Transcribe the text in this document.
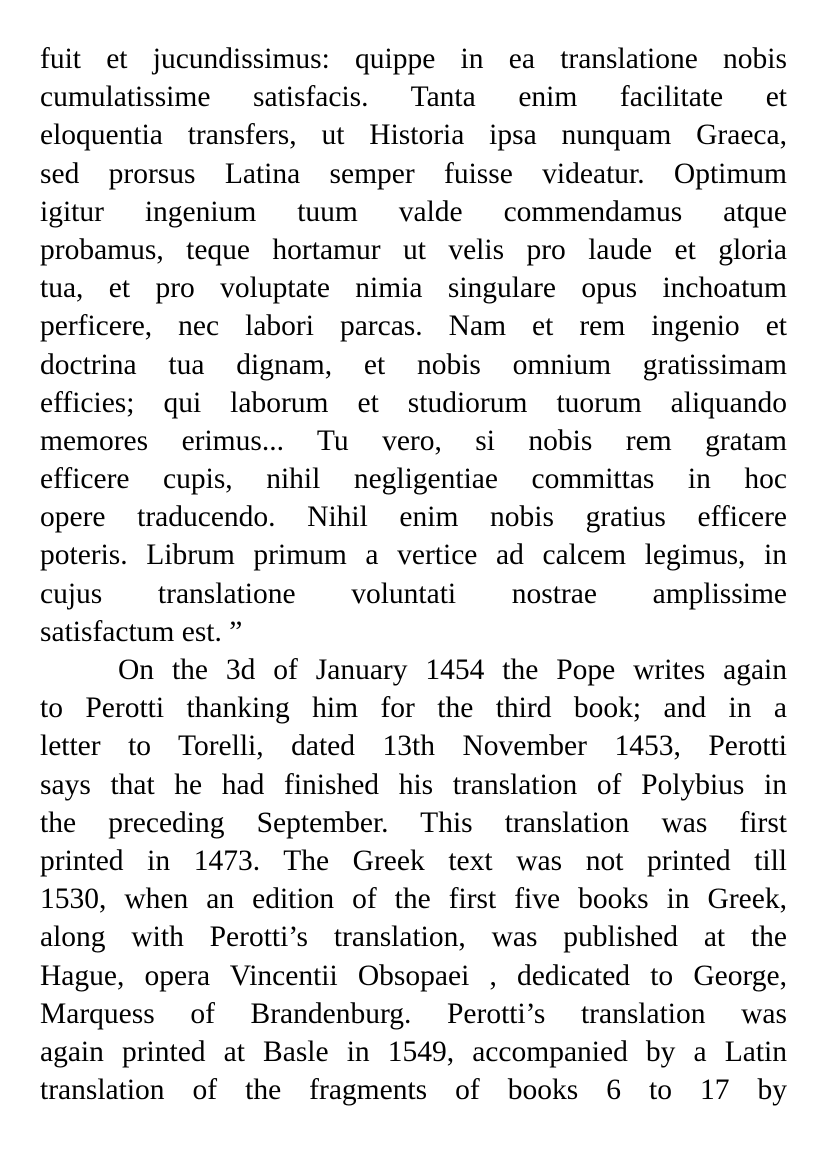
fuit et jucundissimus: quippe in ea translatione nobis
cumulatissime satisfacis. Tanta enim facilitate et
eloquentia transfers, ut Historia ipsa nunquam Graeca,
sed prorsus Latina semper fuisse videatur. Optimum
igitur ingenium tuum valde commendamus atque
probamus, teque hortamur ut velis pro laude et gloria
tua, et pro voluptate nimia singulare opus inchoatum
perficere, nec labori parcas. Nam et rem ingenio et
doctrina tua dignam, et nobis omnium gratissimam
efficies; qui laborum et studiorum tuorum aliquando
memores erimus... Tu vero, si nobis rem gratam
efficere cupis, nihil negligentiae committas in hoc
opere traducendo. Nihil enim nobis gratius efficere
poteris. Librum primum a vertice ad calcem legimus, in
cujus translatione voluntati nostrae amplissime
satisfactum est. ”
On the 3d of January 1454 the Pope writes again
to Perotti thanking him for the third book; and in a
letter to Torelli, dated 13th November 1453, Perotti
says that he had finished his translation of Polybius in
the preceding September. This translation was first
printed in 1473. The Greek text was not printed till
1530, when an edition of the first five books in Greek,
along with Perotti’s translation, was published at the
Hague, opera Vincentii Obsopaei , dedicated to George,
Marquess of Brandenburg. Perotti’s translation was
again printed at Basle in 1549, accompanied by a Latin
translation of the fragments of books 6 to 17 by
